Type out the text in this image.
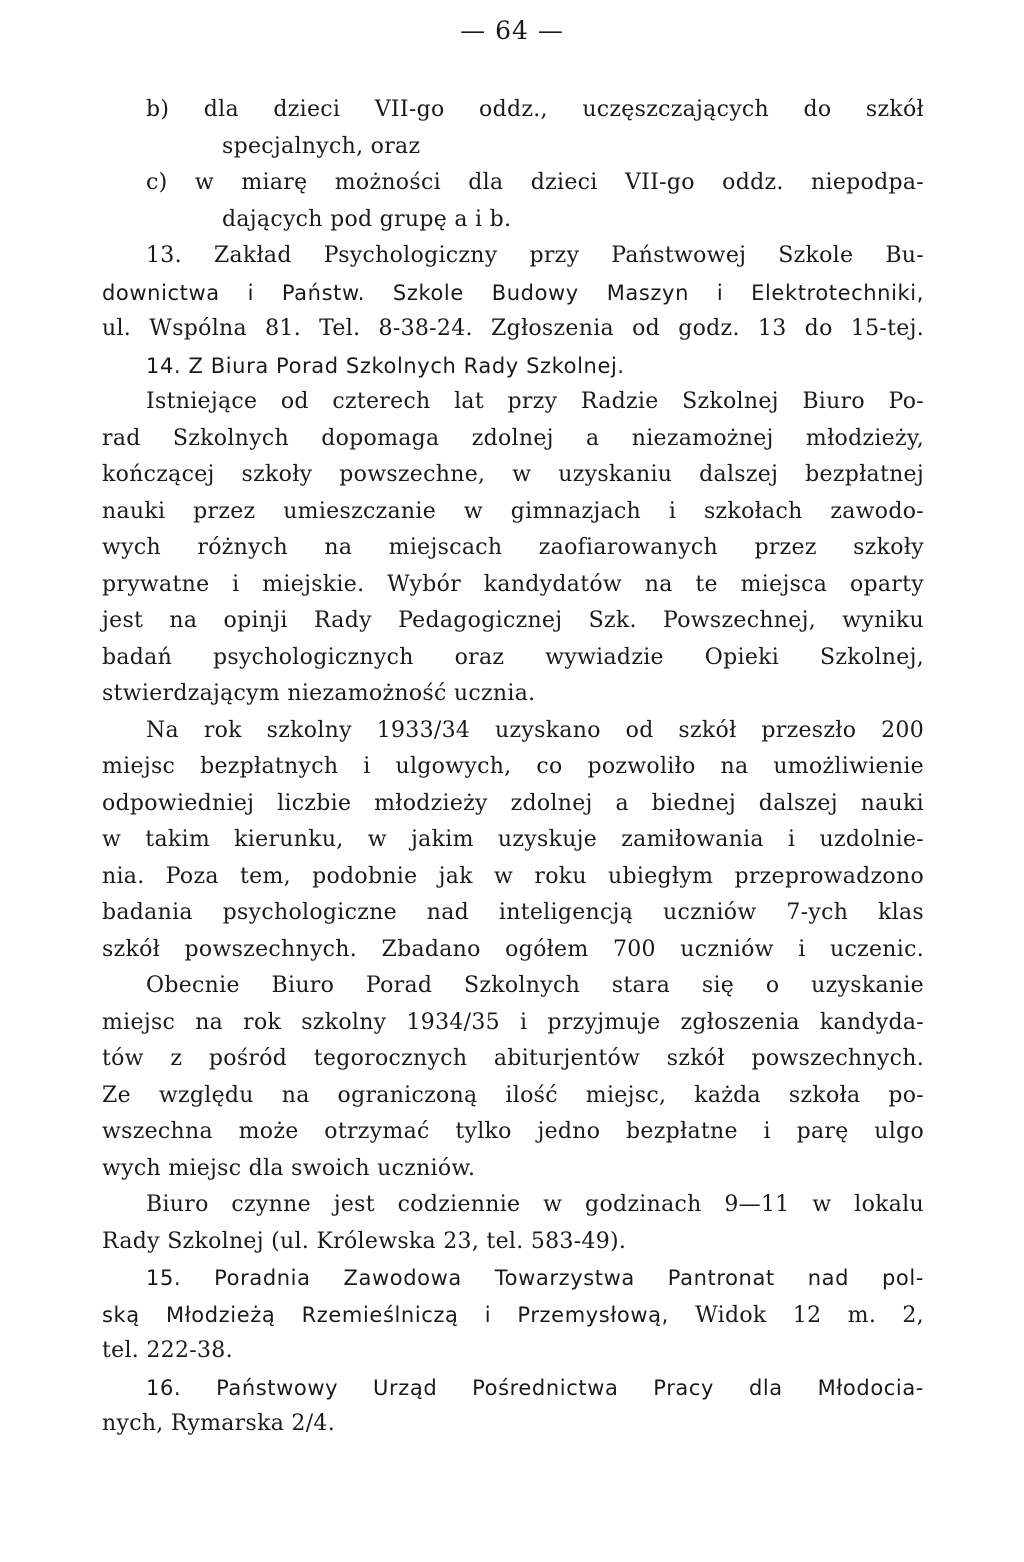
— 64 —
b) dla dzieci VII-go oddz., uczęszczających do szkół
specjalnych, oraz
c) w miarę możności dla dzieci VII-go oddz. niepodpa-
dających pod grupę a i b.
13. Zakład Psychologiczny przy Państwowej Szkole Bu-
downictwa i Państw. Szkole Budowy Maszyn i Elektrotechniki,
ul. Wspólna 81. Tel. 8-38-24. Zgłoszenia od godz. 13 do 15-tej.
14. Z Biura Porad Szkolnych Rady Szkolnej.
Istniejące od czterech lat przy Radzie Szkolnej Biuro Po-
rad Szkolnych dopomaga zdolnej a niezamożnej młodzieży,
kończącej szkoły powszechne, w uzyskaniu dalszej bezpłatnej
nauki przez umieszczanie w gimnazjach i szkołach zawodo-
wych różnych na miejscach zaofiarowanych przez szkoły
prywatne i miejskie. Wybór kandydatów na te miejsca oparty
jest na opinji Rady Pedagogicznej Szk. Powszechnej, wyniku
badań psychologicznych oraz wywiadzie Opieki Szkolnej,
stwierdzającym niezamożność ucznia.
Na rok szkolny 1933/34 uzyskano od szkół przeszło 200
miejsc bezpłatnych i ulgowych, co pozwoliło na umożliwienie
odpowiedniej liczbie młodzieży zdolnej a biednej dalszej nauki
w takim kierunku, w jakim uzyskuje zamiłowania i uzdolnie-
nia. Poza tem, podobnie jak w roku ubiegłym przeprowadzono
badania psychologiczne nad inteligencją uczniów 7-ych klas
szkół powszechnych. Zbadano ogółem 700 uczniów i uczenic.
Obecnie Biuro Porad Szkolnych stara się o uzyskanie
miejsc na rok szkolny 1934/35 i przyjmuje zgłoszenia kandyda-
tów z pośród tegorocznych abiturjentów szkół powszechnych.
Ze względu na ograniczoną ilość miejsc, każda szkoła po-
wszechna może otrzymać tylko jedno bezpłatne i parę ulgo
wych miejsc dla swoich uczniów.
Biuro czynne jest codziennie w godzinach 9—11 w lokalu
Rady Szkolnej (ul. Królewska 23, tel. 583-49).
15. Poradnia Zawodowa Towarzystwa Pantronat nad pol-
ską Młodzieżą Rzemieślniczą i Przemysłową, Widok 12 m. 2,
tel. 222-38.
16. Państwowy Urząd Pośrednictwa Pracy dla Młodocia-
nych, Rymarska 2/4.
